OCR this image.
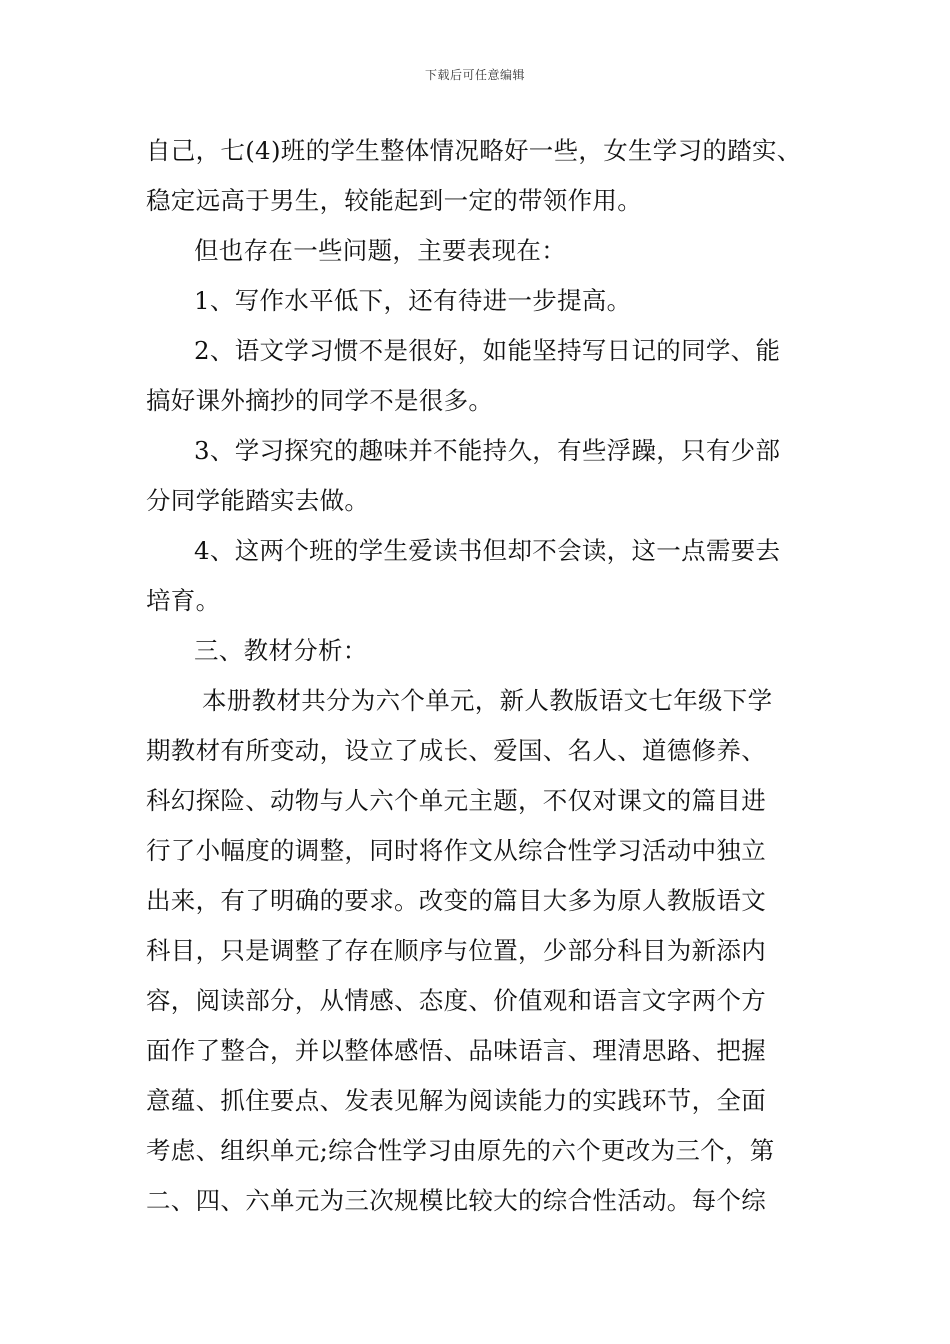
下载后可任意编辑
自己，七(4)班的学生整体情况略好一些，女生学习的踏实、
稳定远高于男生，较能起到一定的带领作用。
但也存在一些问题，主要表现在：
1、写作水平低下，还有待进一步提高。
2、语文学习惯不是很好，如能坚持写日记的同学、能
搞好课外摘抄的同学不是很多。
3、学习探究的趣味并不能持久，有些浮躁，只有少部
分同学能踏实去做。
4、这两个班的学生爱读书但却不会读，这一点需要去
培育。
三、教材分析：
本册教材共分为六个单元，新人教版语文七年级下学
期教材有所变动，设立了成长、爱国、名人、道德修养、
科幻探险、动物与人六个单元主题，不仅对课文的篇目进
行了小幅度的调整，同时将作文从综合性学习活动中独立
出来，有了明确的要求。改变的篇目大多为原人教版语文
科目，只是调整了存在顺序与位置，少部分科目为新添内
容，阅读部分，从情感、态度、价值观和语言文字两个方
面作了整合，并以整体感悟、品味语言、理清思路、把握
意蕴、抓住要点、发表见解为阅读能力的实践环节，全面
考虑、组织单元;综合性学习由原先的六个更改为三个，第
二、四、六单元为三次规模比较大的综合性活动。每个综
